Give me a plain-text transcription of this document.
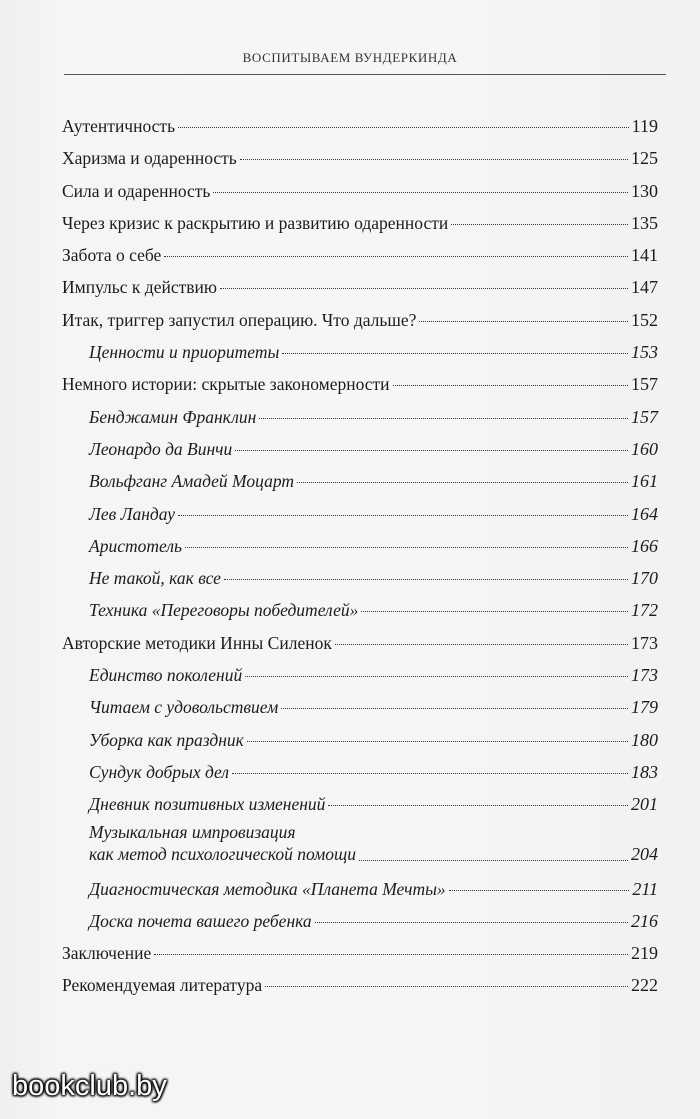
ВОСПИТЫВАЕМ ВУНДЕРКИНДА
Аутентичность	119
Харизма и одаренность	125
Сила и одаренность	130
Через кризис к раскрытию и развитию одаренности	135
Забота о себе	141
Импульс к действию	147
Итак, триггер запустил операцию. Что дальше?	152
Ценности и приоритеты	153
Немного истории: скрытые закономерности	157
Бенджамин Франклин	157
Леонардо да Винчи	160
Вольфганг Амадей Моцарт	161
Лев Ландау	164
Аристотель	166
Не такой, как все	170
Техника «Переговоры победителей»	172
Авторские методики Инны Силенок	173
Единство поколений	173
Читаем с удовольствием	179
Уборка как праздник	180
Сундук добрых дел	183
Дневник позитивных изменений	201
Музыкальная импровизация
как метод психологической помощи	204
Диагностическая методика «Планета Мечты»	211
Доска почета вашего ребенка	216
Заключение	219
Рекомендуемая литература	222
bookclub.by
